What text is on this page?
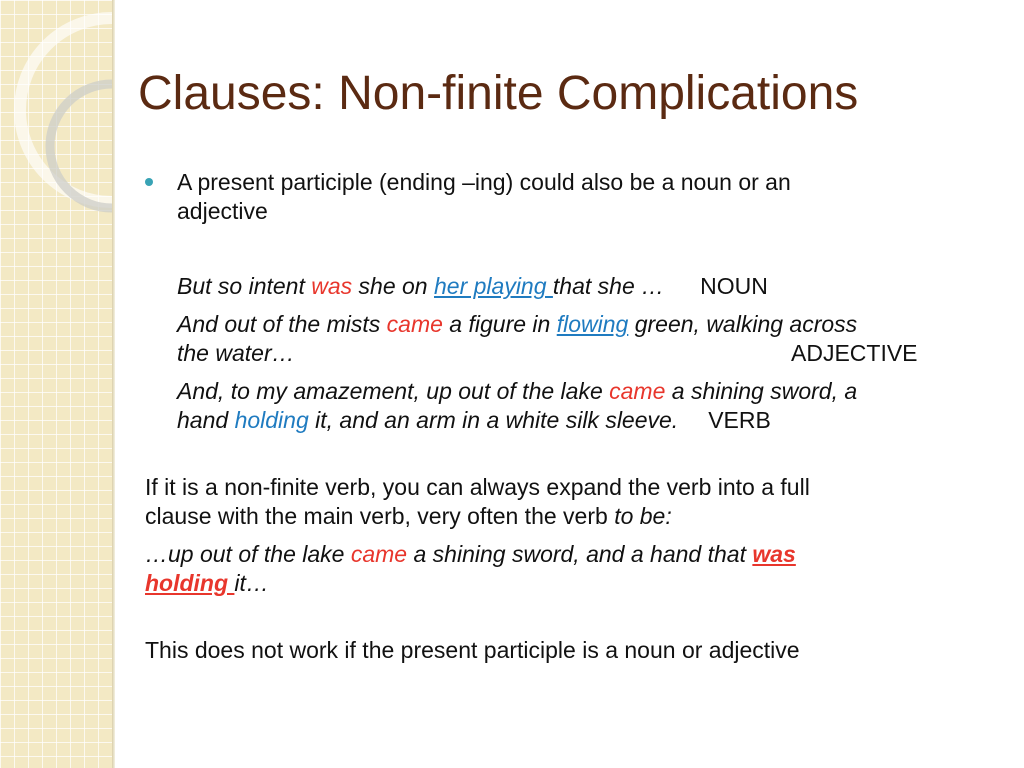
Clauses: Non-finite Complications
A present participle (ending –ing) could also be a noun or an
adjective
But so intent was she on her playing that she … NOUN
And out of the mists came a figure in flowing green, walking across
the water…	ADJECTIVE
And, to my amazement, up out of the lake came a shining sword, a
hand holding it, and an arm in a white silk sleeve. VERB
If it is a non-finite verb, you can always expand the verb into a full
clause with the main verb, very often the verb to be:
…up out of the lake came a shining sword, and a hand that was
holding it…
This does not work if the present participle is a noun or adjective
